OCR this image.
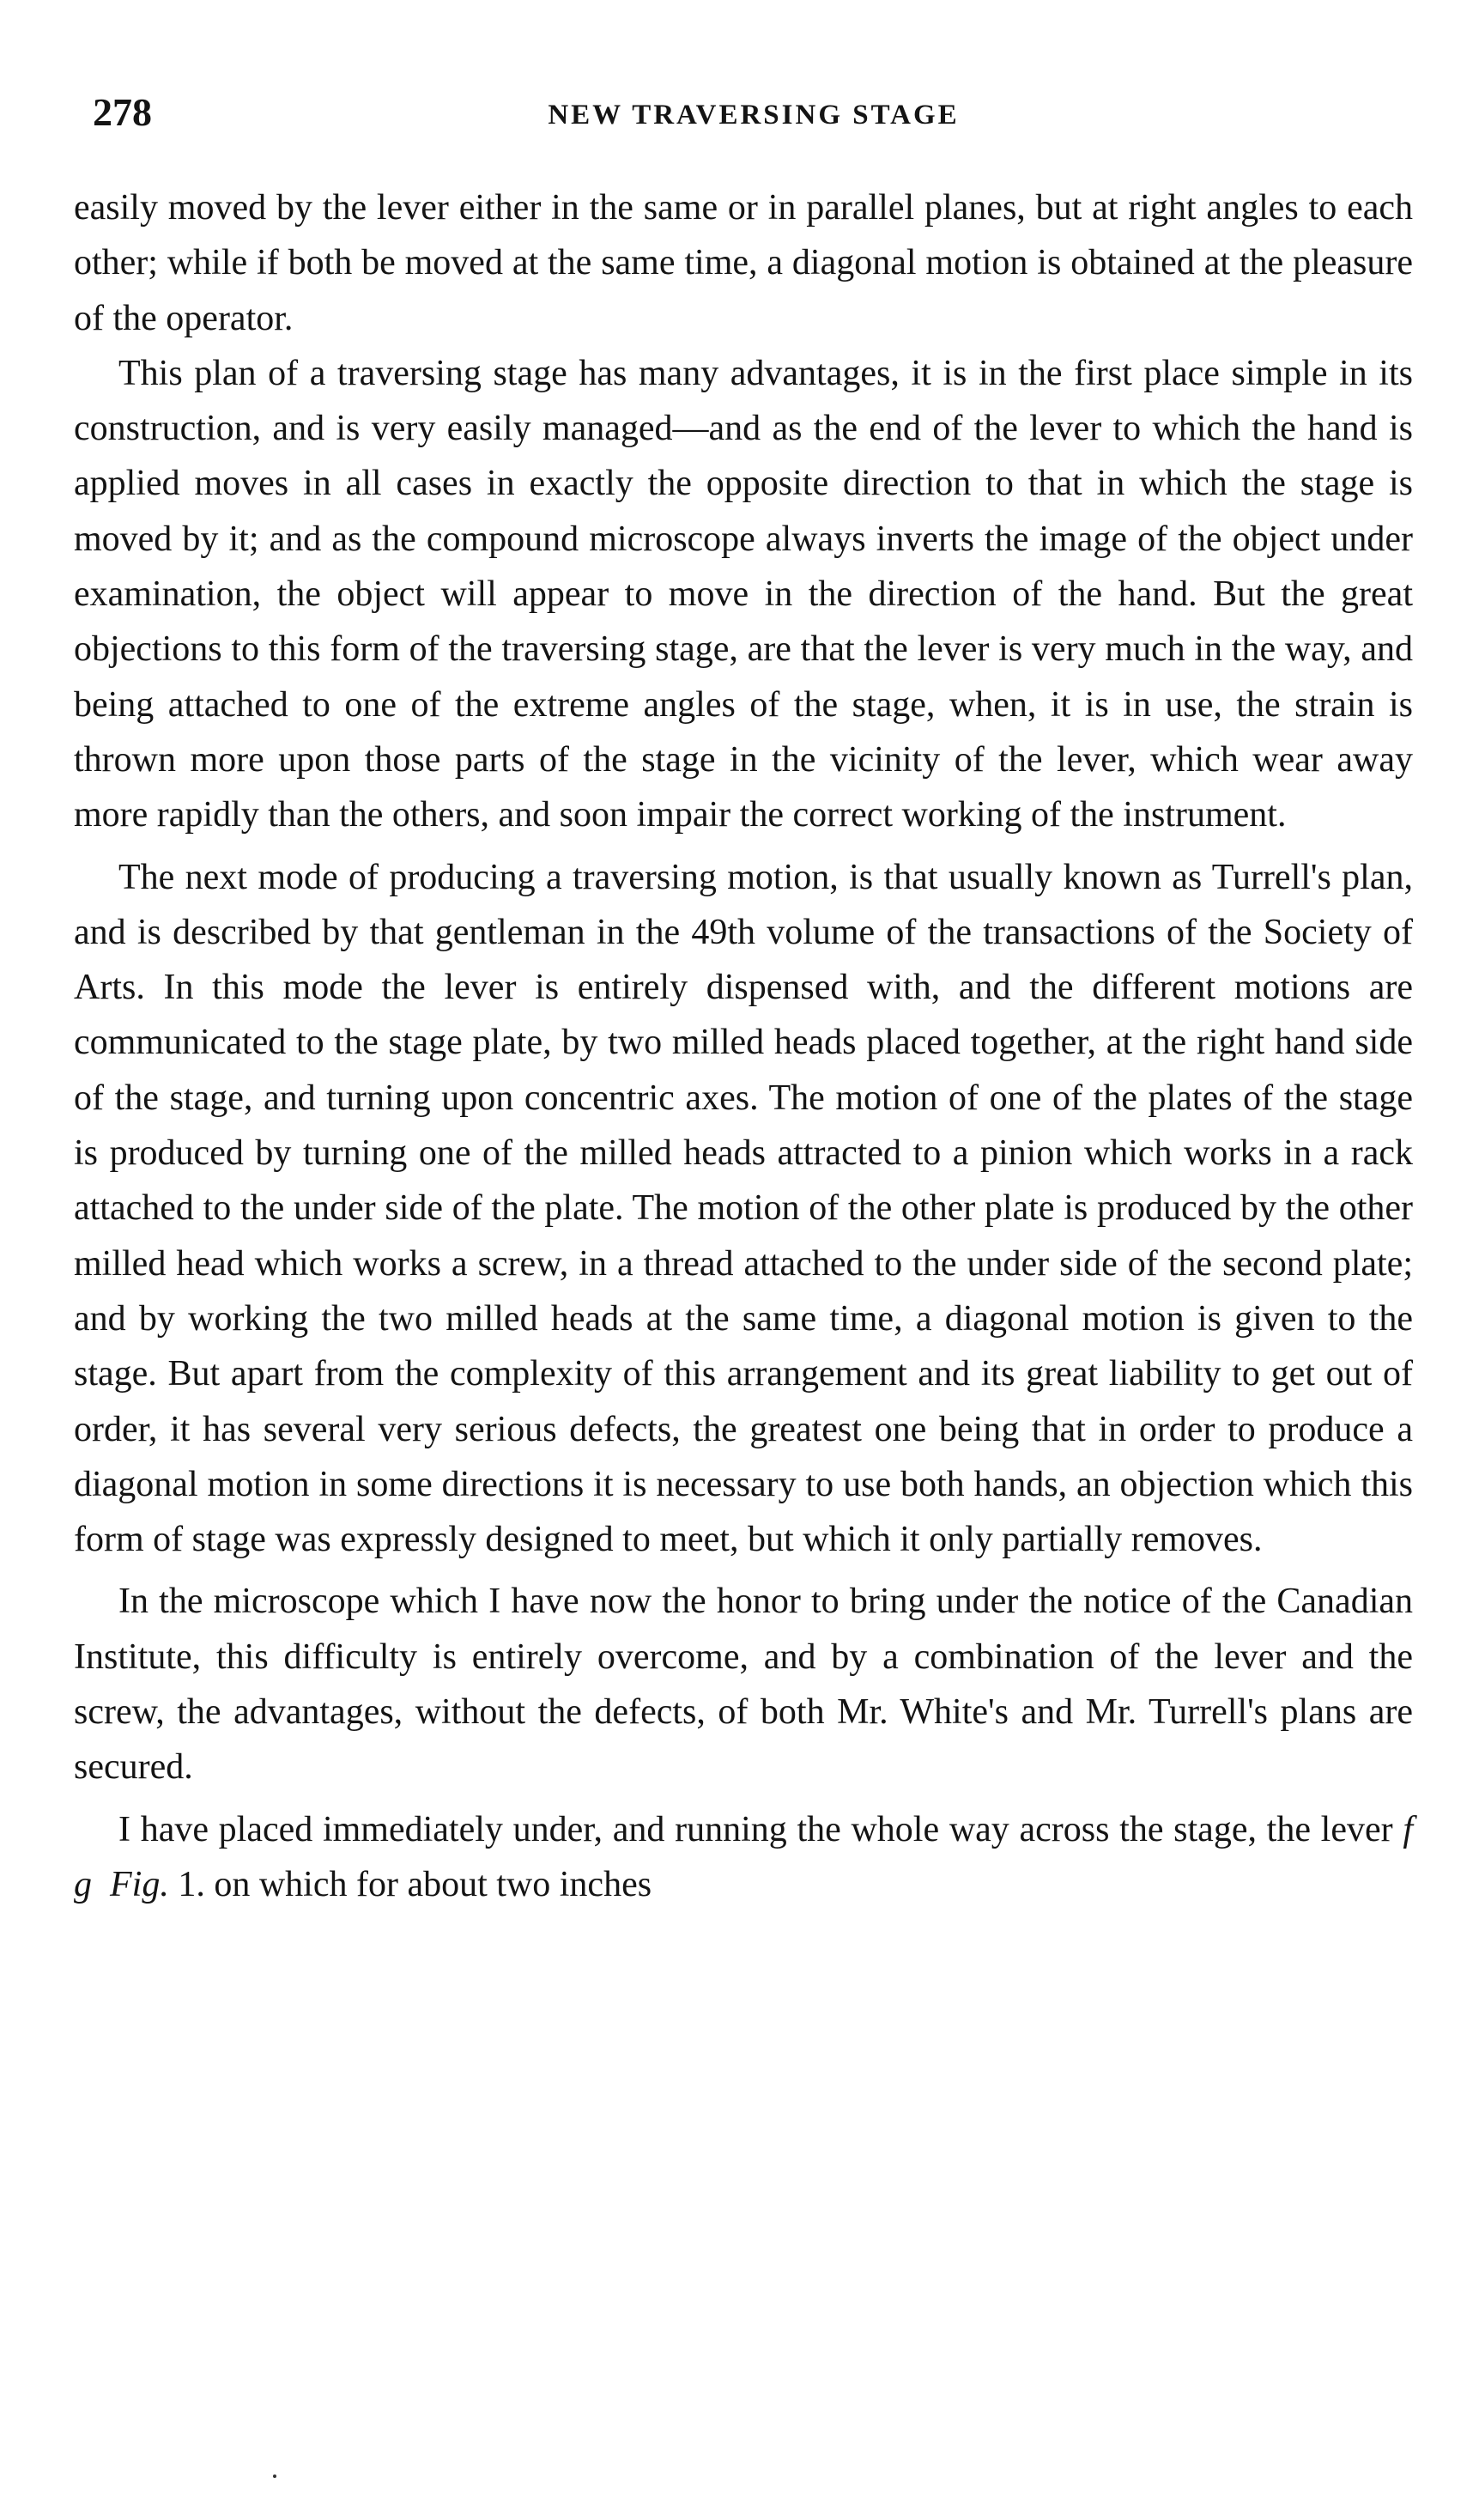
278	NEW TRAVERSING STAGE

easily moved by the lever either in the same or in parallel planes, but at right angles to each other; while if both be moved at the same time, a diagonal motion is obtained at the pleasure of the operator.

This plan of a traversing stage has many advantages, it is in the first place simple in its construction, and is very easily managed—and as the end of the lever to which the hand is applied moves in all cases in exactly the opposite direction to that in which the stage is moved by it; and as the compound microscope always inverts the image of the object under examination, the object will appear to move in the direction of the hand. But the great objections to this form of the traversing stage, are that the lever is very much in the way, and being attached to one of the extreme angles of the stage, when, it is in use, the strain is thrown more upon those parts of the stage in the vicinity of the lever, which wear away more rapidly than the others, and soon impair the correct working of the instrument.

The next mode of producing a traversing motion, is that usually known as Turrell's plan, and is described by that gentleman in the 49th volume of the transactions of the Society of Arts. In this mode the lever is entirely dispensed with, and the different motions are communicated to the stage plate, by two milled heads placed together, at the right hand side of the stage, and turning upon concentric axes. The motion of one of the plates of the stage is produced by turning one of the milled heads attracted to a pinion which works in a rack attached to the under side of the plate. The motion of the other plate is produced by the other milled head which works a screw, in a thread attached to the under side of the second plate; and by working the two milled heads at the same time, a diagonal motion is given to the stage. But apart from the complexity of this arrangement and its great liability to get out of order, it has several very serious defects, the greatest one being that in order to produce a diagonal motion in some directions it is necessary to use both hands, an objection which this form of stage was expressly designed to meet, but which it only partially removes.

In the microscope which I have now the honor to bring under the notice of the Canadian Institute, this difficulty is entirely overcome, and by a combination of the lever and the screw, the advantages, without the defects, of both Mr. White's and Mr. Turrell's plans are secured.

I have placed immediately under, and running the whole way across the stage, the lever f g Fig. 1. on which for about two inches
